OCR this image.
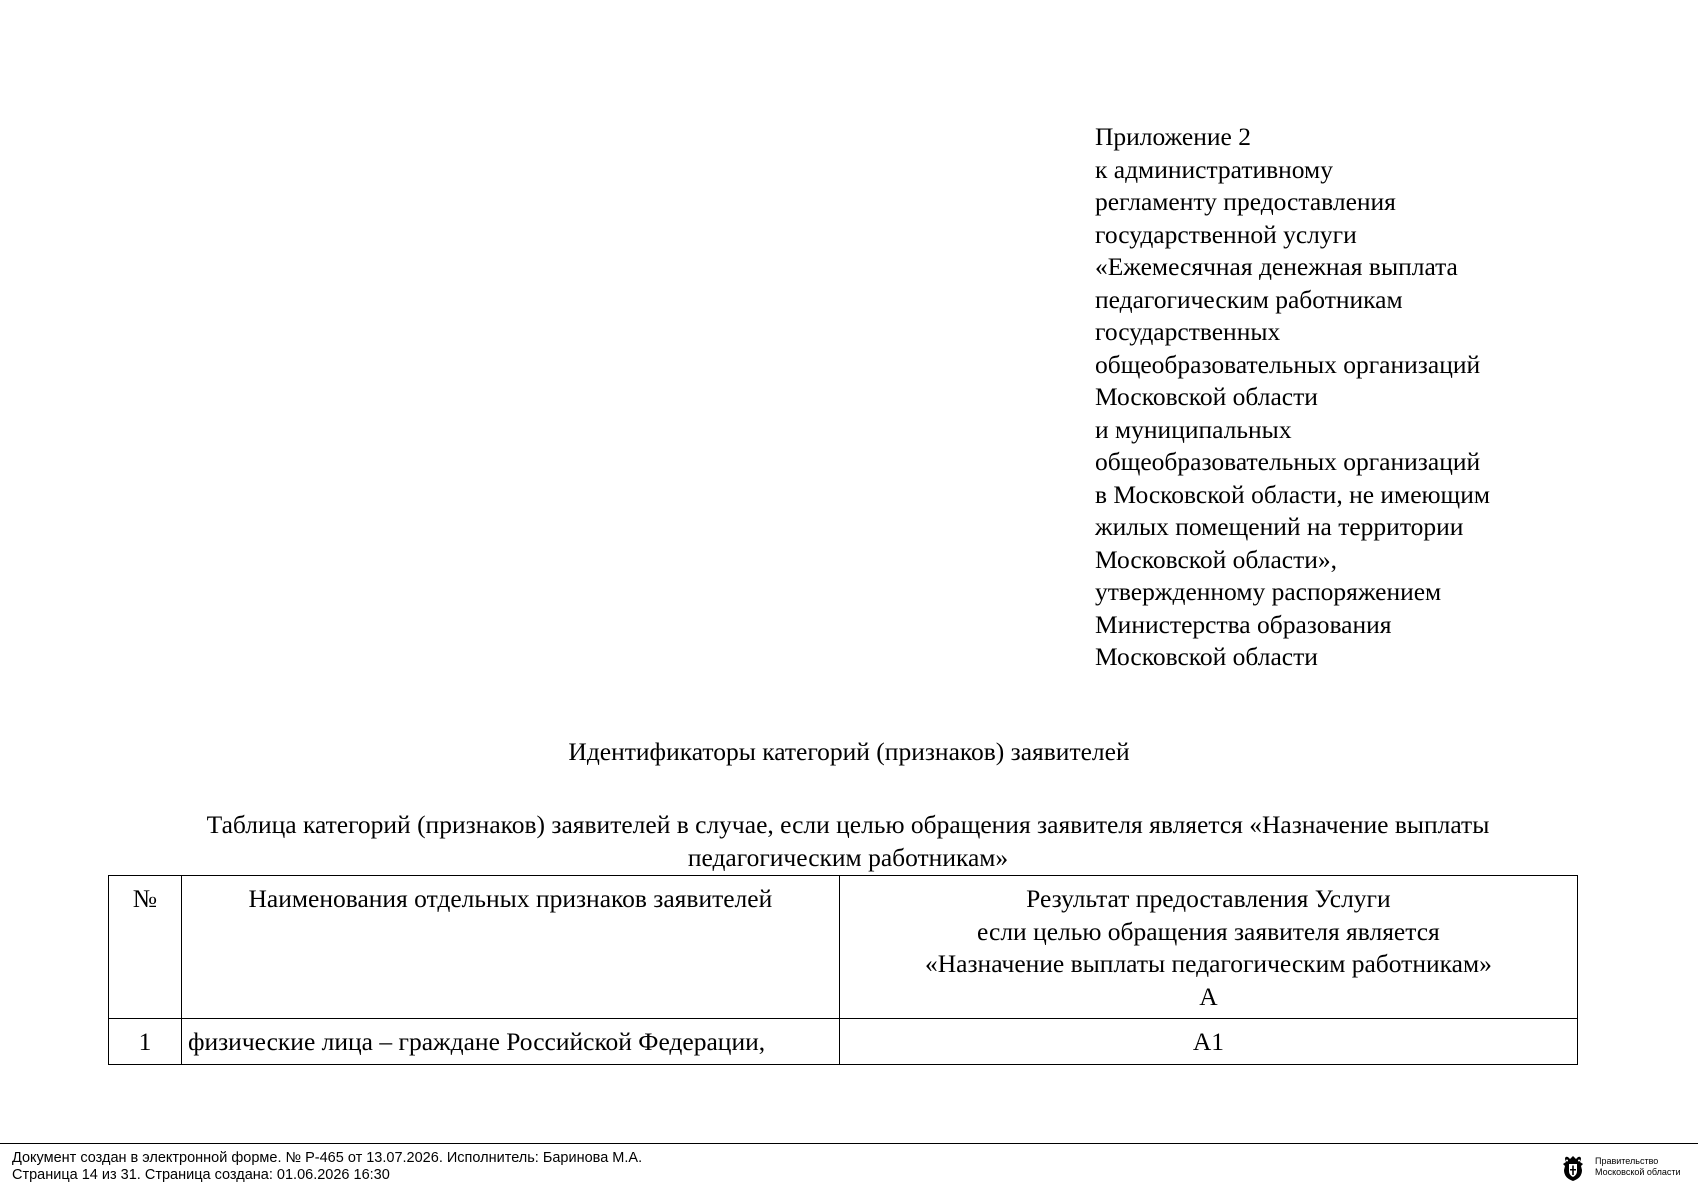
Приложение 2
к административному
регламенту предоставления
государственной услуги
«Ежемесячная денежная выплата
педагогическим работникам
государственных
общеобразовательных организаций
Московской области
и муниципальных
общеобразовательных организаций
в Московской области, не имеющим
жилых помещений на территории
Московской области»,
утвержденному распоряжением
Министерства образования
Московской области
Идентификаторы категорий (признаков) заявителей
Таблица категорий (признаков) заявителей в случае, если целью обращения заявителя является «Назначение выплаты
педагогическим работникам»
№	Наименования отдельных признаков заявителей	Результат предоставления Услуги
если целью обращения заявителя является
«Назначение выплаты педагогическим работникам»
А

1	физические лица – граждане Российской Федерации,	А1
Документ создан в электронной форме. № Р-465 от 13.07.2026. Исполнитель: Баринова М.А.
Страница 14 из 31. Страница создана: 01.06.2026 16:30
Правительство
Московской области
